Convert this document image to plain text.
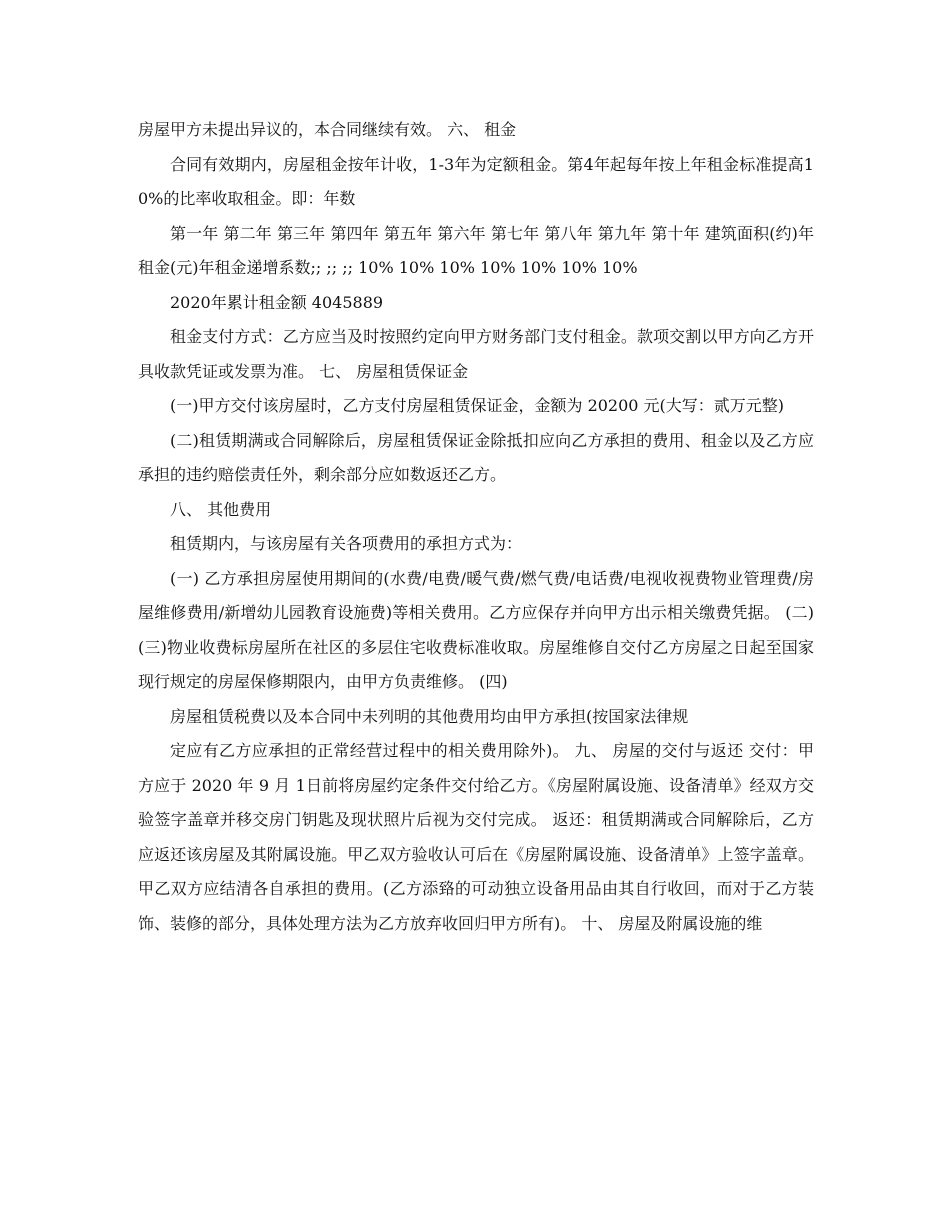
房屋甲方未提出异议的，本合同继续有效。 六、 租金

合同有效期内，房屋租金按年计收，1-3年为定额租金。第4年起每年按上年租金标准提高10%的比率收取租金。即：年数

第一年 第二年 第三年 第四年 第五年 第六年 第七年 第八年 第九年 第十年 建筑面积(约)年租金(元)年租金递增系数;; ;; ;; 10% 10% 10% 10% 10% 10% 10%

2020年累计租金额 4045889

租金支付方式：乙方应当及时按照约定向甲方财务部门支付租金。款项交割以甲方向乙方开具收款凭证或发票为准。 七、 房屋租赁保证金

(一)甲方交付该房屋时，乙方支付房屋租赁保证金，金额为 20200 元(大写：贰万元整)

(二)租赁期满或合同解除后，房屋租赁保证金除抵扣应向乙方承担的费用、租金以及乙方应承担的违约赔偿责任外，剩余部分应如数返还乙方。

八、 其他费用

租赁期内，与该房屋有关各项费用的承担方式为：

(一) 乙方承担房屋使用期间的(水费/电费/暖气费/燃气费/电话费/电视收视费物业管理费/房屋维修费用/新增幼儿园教育设施费)等相关费用。乙方应保存并向甲方出示相关缴费凭据。 (二) (三)物业收费标房屋所在社区的多层住宅收费标准收取。房屋维修自交付乙方房屋之日起至国家现行规定的房屋保修期限内，由甲方负责维修。 (四)

房屋租赁税费以及本合同中未列明的其他费用均由甲方承担(按国家法律规

定应有乙方应承担的正常经营过程中的相关费用除外)。 九、 房屋的交付与返还 交付：甲方应于 2020 年 9 月 1日前将房屋约定条件交付给乙方。《房屋附属设施、设备清单》经双方交验签字盖章并移交房门钥匙及现状照片后视为交付完成。 返还：租赁期满或合同解除后，乙方应返还该房屋及其附属设施。甲乙双方验收认可后在《房屋附属设施、设备清单》上签字盖章。甲乙双方应结清各自承担的费用。(乙方添臵的可动独立设备用品由其自行收回，而对于乙方装饰、装修的部分，具体处理方法为乙方放弃收回归甲方所有)。 十、 房屋及附属设施的维
